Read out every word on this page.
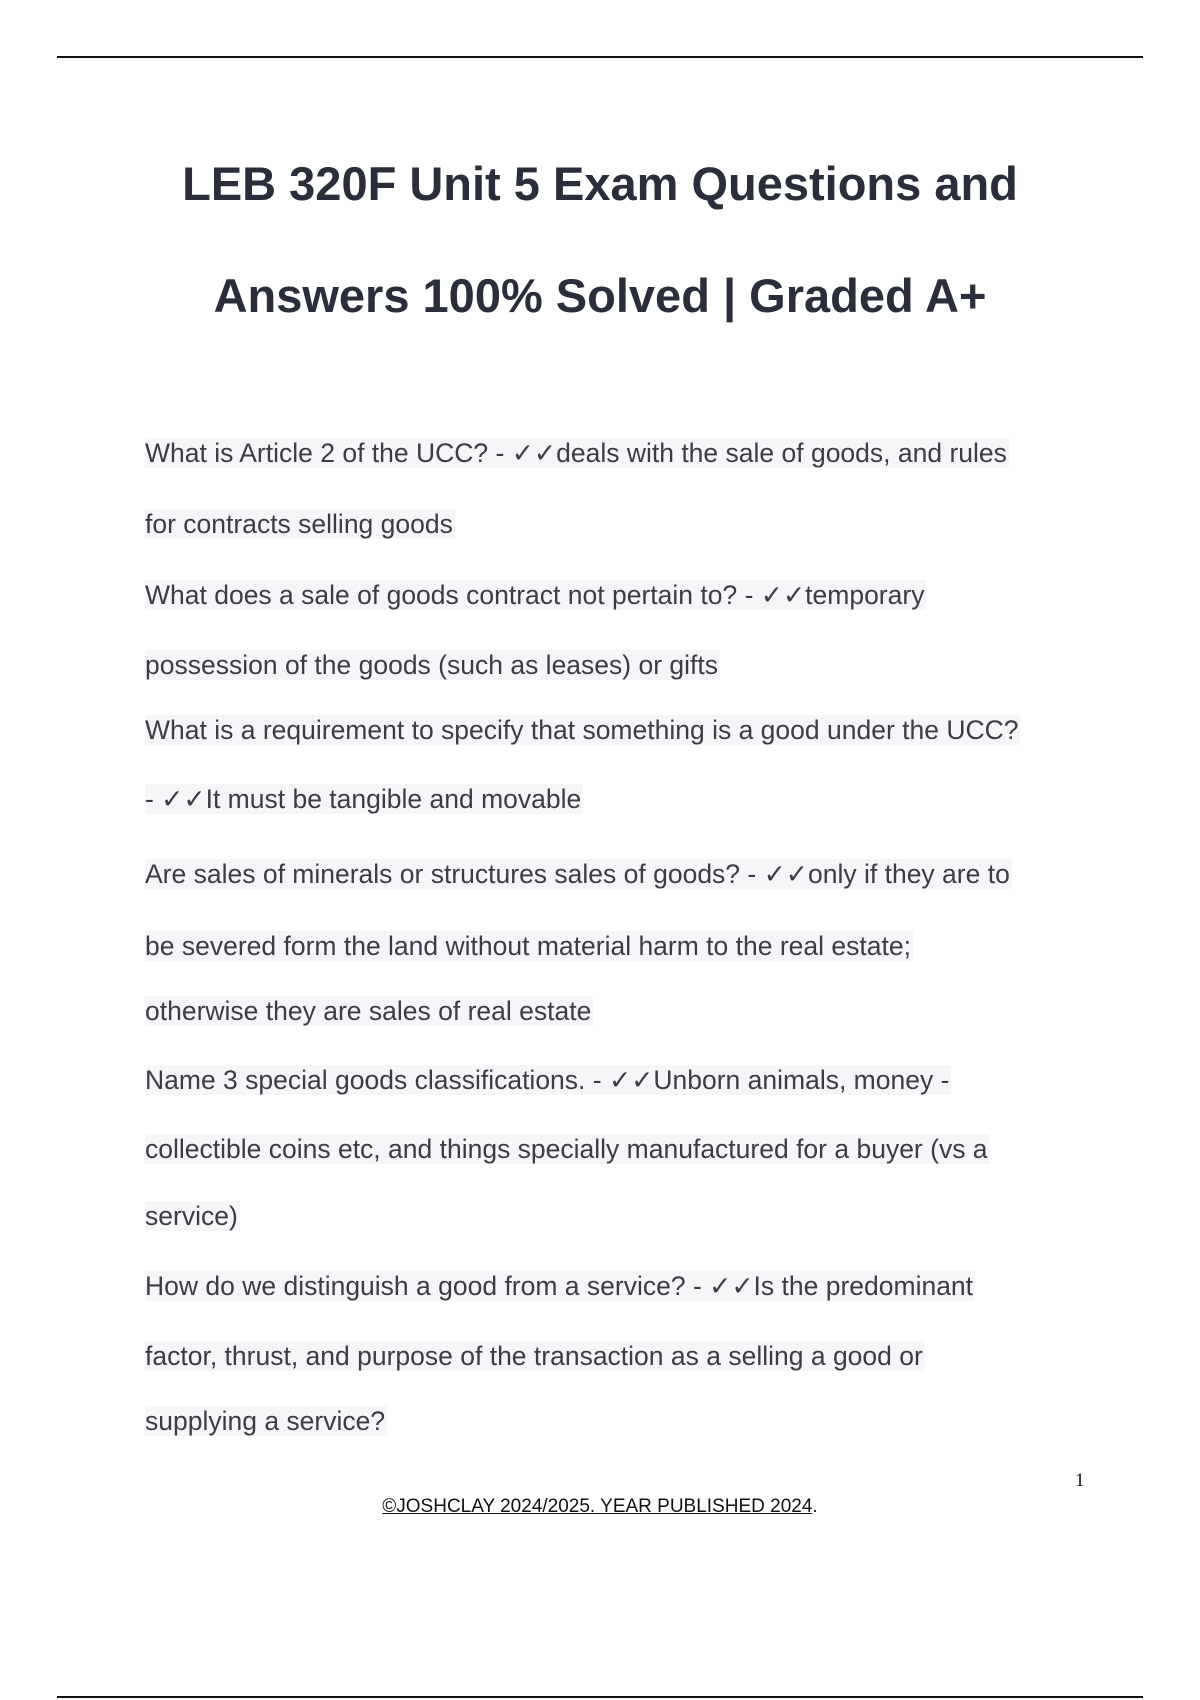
LEB 320F Unit 5 Exam Questions and Answers 100% Solved | Graded A+
What is Article 2 of the UCC? - ✓✓deals with the sale of goods, and rules
for contracts selling goods
What does a sale of goods contract not pertain to? - ✓✓temporary
possession of the goods (such as leases) or gifts
What is a requirement to specify that something is a good under the UCC?
- ✓✓It must be tangible and movable
Are sales of minerals or structures sales of goods? - ✓✓only if they are to
be severed form the land without material harm to the real estate;
otherwise they are sales of real estate
Name 3 special goods classifications. - ✓✓Unborn animals, money -
collectible coins etc, and things specially manufactured for a buyer (vs a
service)
How do we distinguish a good from a service? - ✓✓Is the predominant
factor, thrust, and purpose of the transaction as a selling a good or
supplying a service?
1
©JOSHCLAY 2024/2025. YEAR PUBLISHED 2024.
